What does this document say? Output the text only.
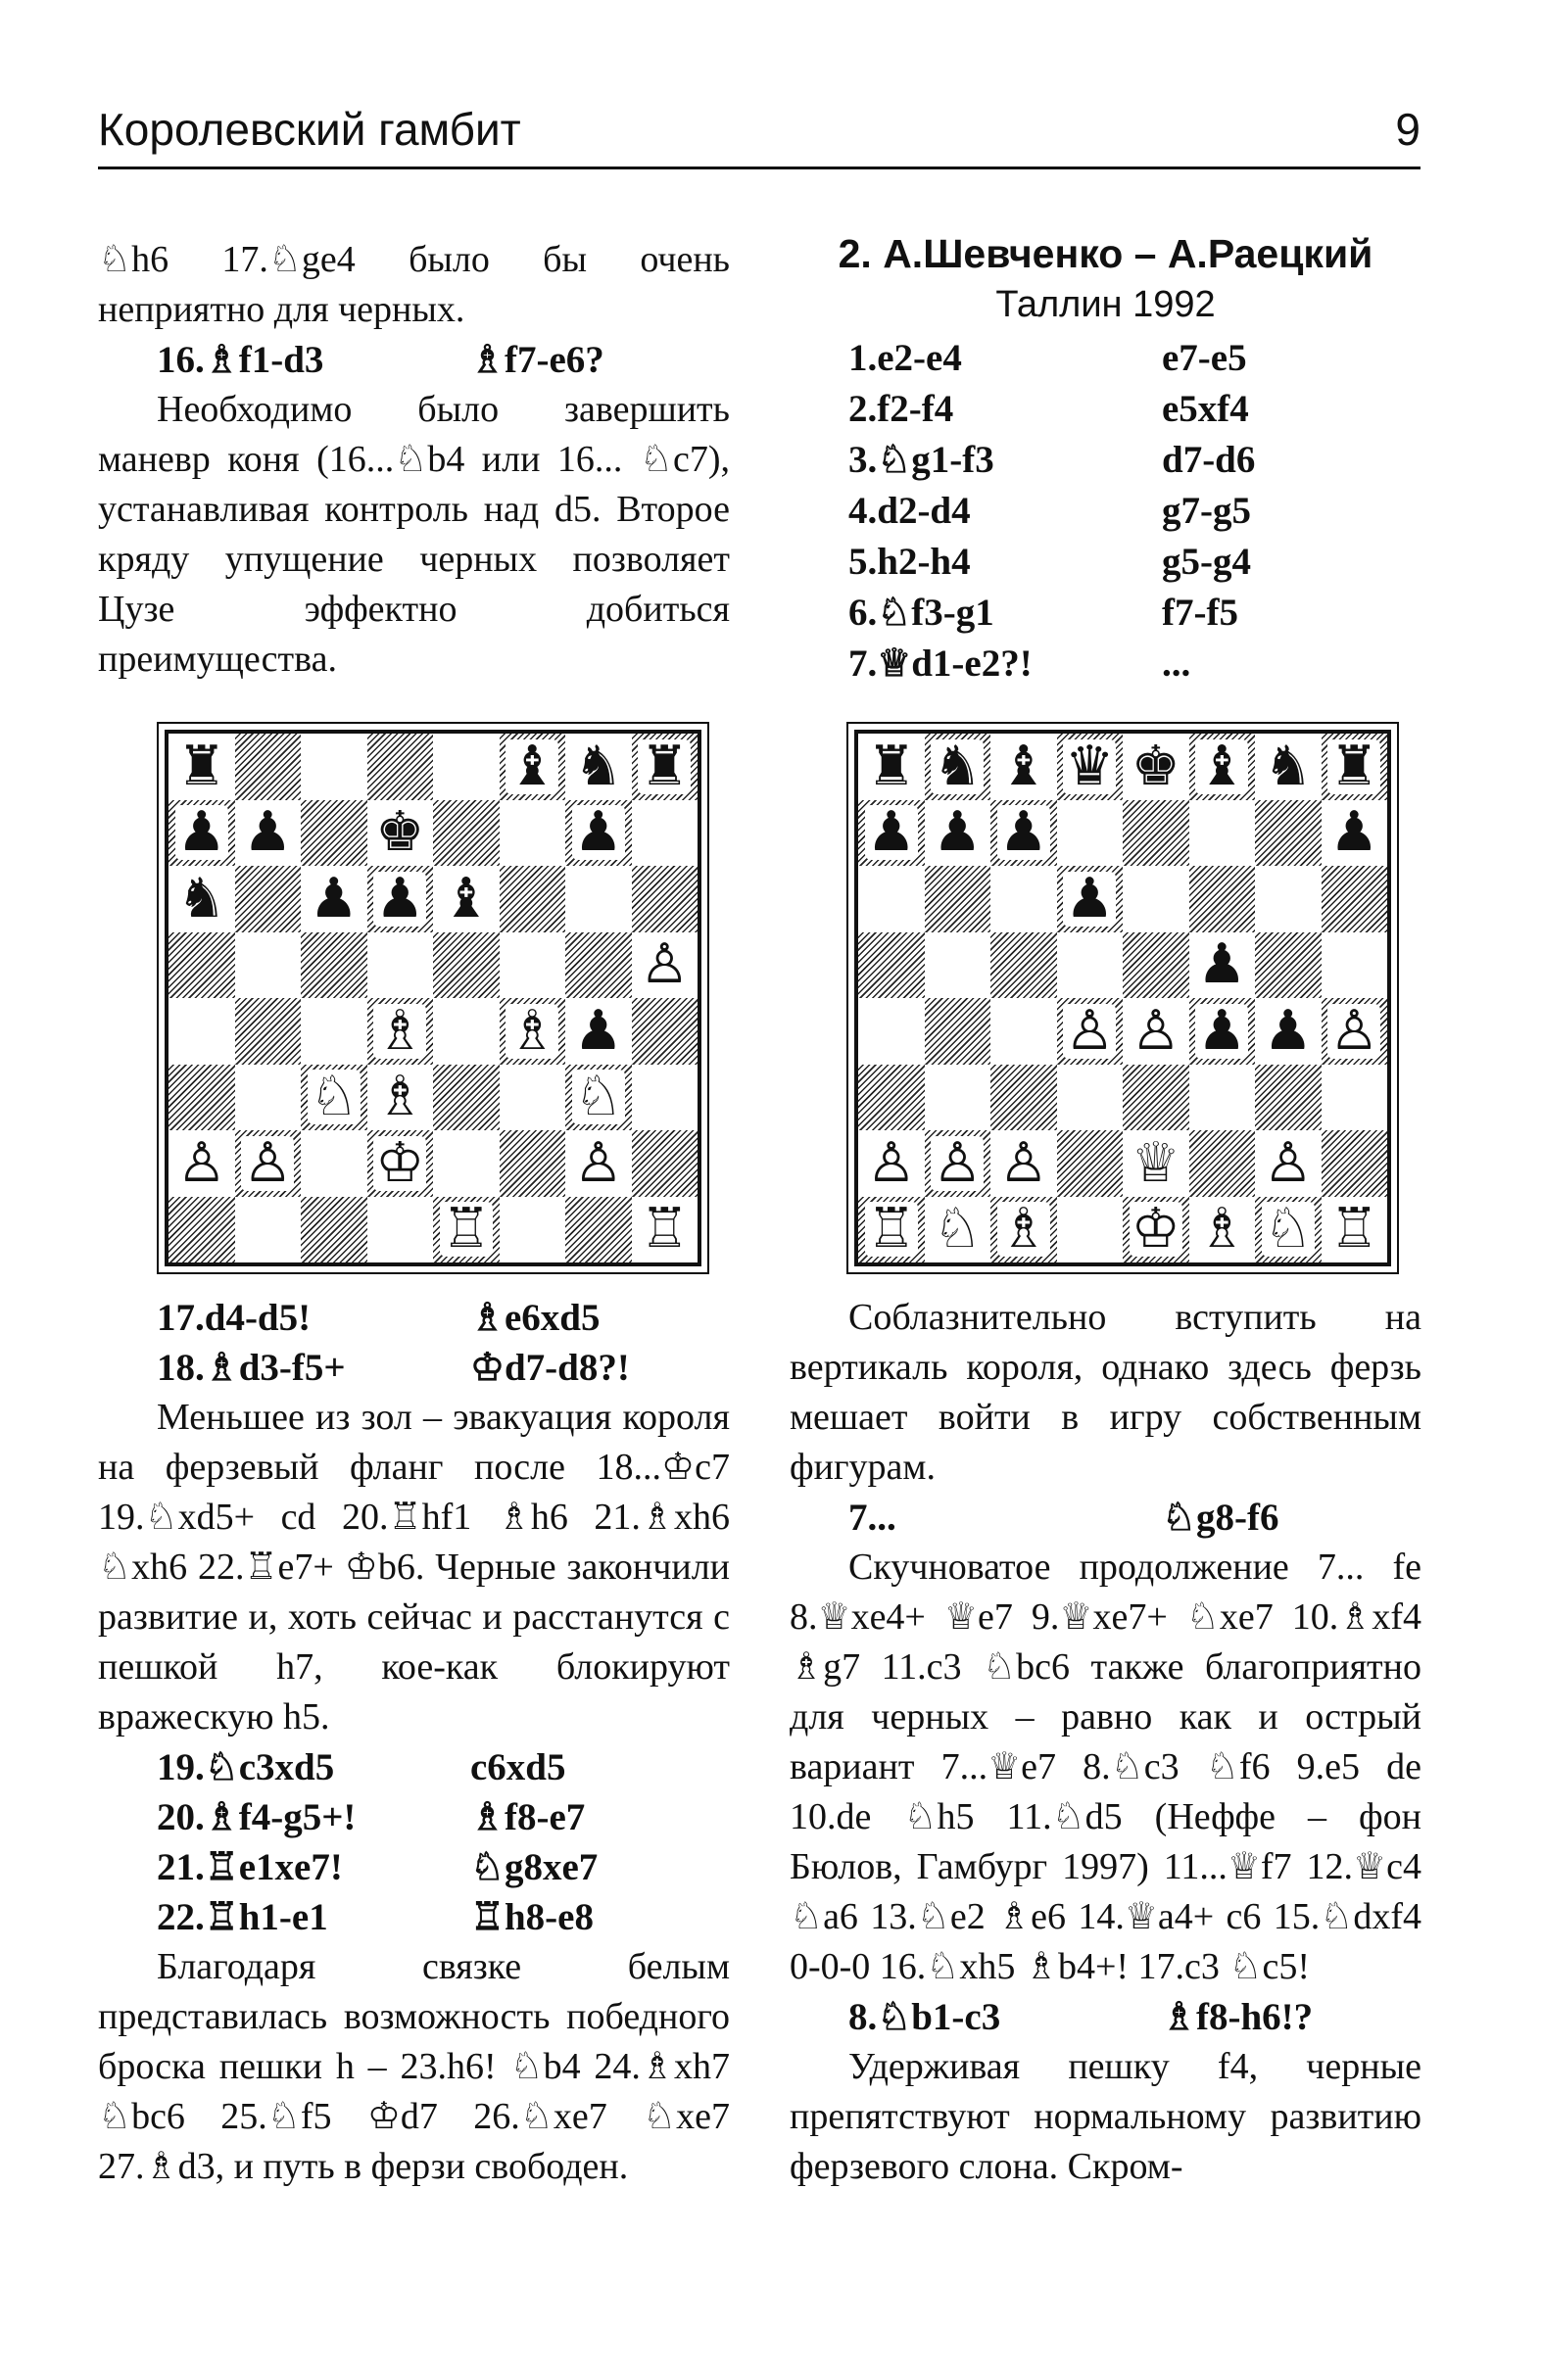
Королевский гамбит	9

♘h6 17.♘ge4 было бы очень неприятно для черных.

16.♗f1-d3	♗f7-e6?

Необходимо было завершить маневр коня (16...♘b4 или 16... ♘c7), устанавливая контроль над d5. Второе кряду упущение черных позволяет Цузе эффектно добиться преимущества.

2. А.Шевченко – А.Раецкий
Таллин 1992
1.e2-e4	e7-e5
2.f2-f4	e5xf4
3.♘g1-f3	d7-d6
4.d2-d4	g7-g5
5.h2-h4	g5-g4
6.♘f3-g1	f7-f5
7.♕d1-e2?!	...
♜	♝ ♞ ♜
♟ ♟ ♚	♟
♞ ♟ ♟ ♝
♙
♗ ♗ ♟
♘ ♗	♘
♙ ♙ ♔	♙
♖	♖
♜ ♞ ♝ ♛ ♚ ♝ ♞ ♜
♟ ♟ ♟	♟
♟
♟
♙ ♙ ♟ ♟ ♙
♙ ♙ ♙ ♕ ♙
♖ ♘ ♗ ♔ ♗ ♘ ♖
17.d4-d5!	♗e6xd5
18.♗d3-f5+	♔d7-d8?!

Меньшее из зол – эвакуация короля на ферзевый фланг после 18...♔c7 19.♘xd5+ cd 20.♖hf1 ♗h6 21.♗xh6 ♘xh6 22.♖e7+ ♔b6. Черные закончили развитие и, хоть сейчас и расстанутся с пешкой h7, кое-как блокируют вражескую h5.

19.♘c3xd5	c6xd5
20.♗f4-g5+!	♗f8-e7
21.♖e1xe7!	♘g8xe7
22.♖h1-e1	♖h8-e8

Благодаря связке белым представилась возможность победного броска пешки h – 23.h6! ♘b4 24.♗xh7 ♘bc6 25.♘f5 ♔d7 26.♘xe7 ♘xe7 27.♗d3, и путь в ферзи свободен.

Соблазнительно вступить на вертикаль короля, однако здесь ферзь мешает войти в игру собственным фигурам.

7...	♘g8-f6

Скучноватое продолжение 7... fe 8.♕xe4+ ♕e7 9.♕xe7+ ♘xe7 10.♗xf4 ♗g7 11.c3 ♘bc6 также благоприятно для черных – равно как и острый вариант 7...♕e7 8.♘c3 ♘f6 9.e5 de 10.de ♘h5 11.♘d5 (Неффе – фон Бюлов, Гамбург 1997) 11...♕f7 12.♕c4 ♘a6 13.♘e2 ♗e6 14.♕a4+ c6 15.♘dxf4 0-0-0 16.♘xh5 ♗b4+! 17.c3 ♘c5!

8.♘b1-c3	♗f8-h6!?

Удерживая пешку f4, черные препятствуют нормальному развитию ферзевого слона. Скром-
